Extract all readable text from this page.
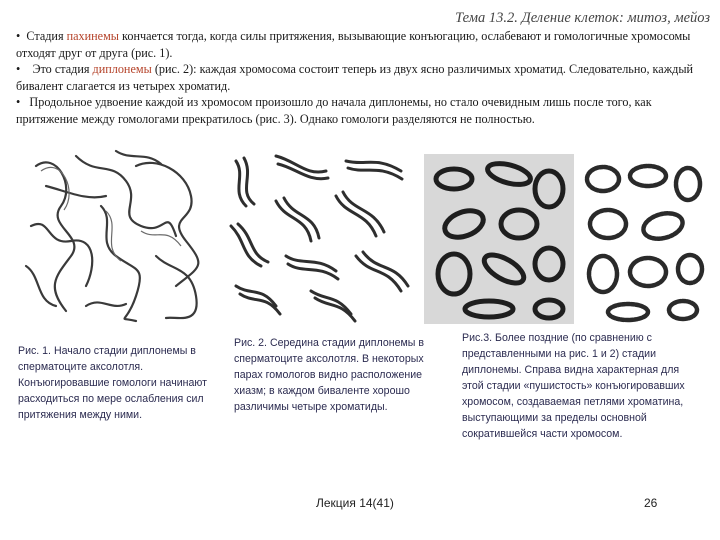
Тема 13.2. Деление клеток: митоз, мейоз

• Стадия пахинемы кончается тогда, когда силы притяжения, вызывающие конъюгацию, ослабевают и гомологичные хромосомы отходят друг от друга (рис. 1).

• Это стадия диплонемы (рис. 2): каждая хромосома состоит теперь из двух ясно различимых хроматид. Следовательно, каждый бивалент слагается из четырех хроматид.

• Продольное удвоение каждой из хромосом произошло до начала диплонемы, но стало очевидным лишь после того, как притяжение между гомологами прекратилось (рис. 3). Однако гомологи разделяются не полностью.

Рис. 1. Начало стадии диплонемы в сперматоците аксолотля. Конъюгировавшие гомологи начинают расходиться по мере ослабления сил притяжения между ними.
Рис. 2. Середина стадии диплонемы в сперматоците аксолотля. В некоторых парах гомологов видно расположение хиазм; в каждом биваленте хорошо различимы четыре хроматиды.
Рис.3. Более поздние (по сравнению с представленными на рис. 1 и 2) стадии диплонемы. Справа видна характерная для этой стадии «пушистость» конъюгировавших хромосом, создаваемая петлями хроматина, выступающими за пределы основной сократившейся части хромосом.
Лекция 14(41)	26
